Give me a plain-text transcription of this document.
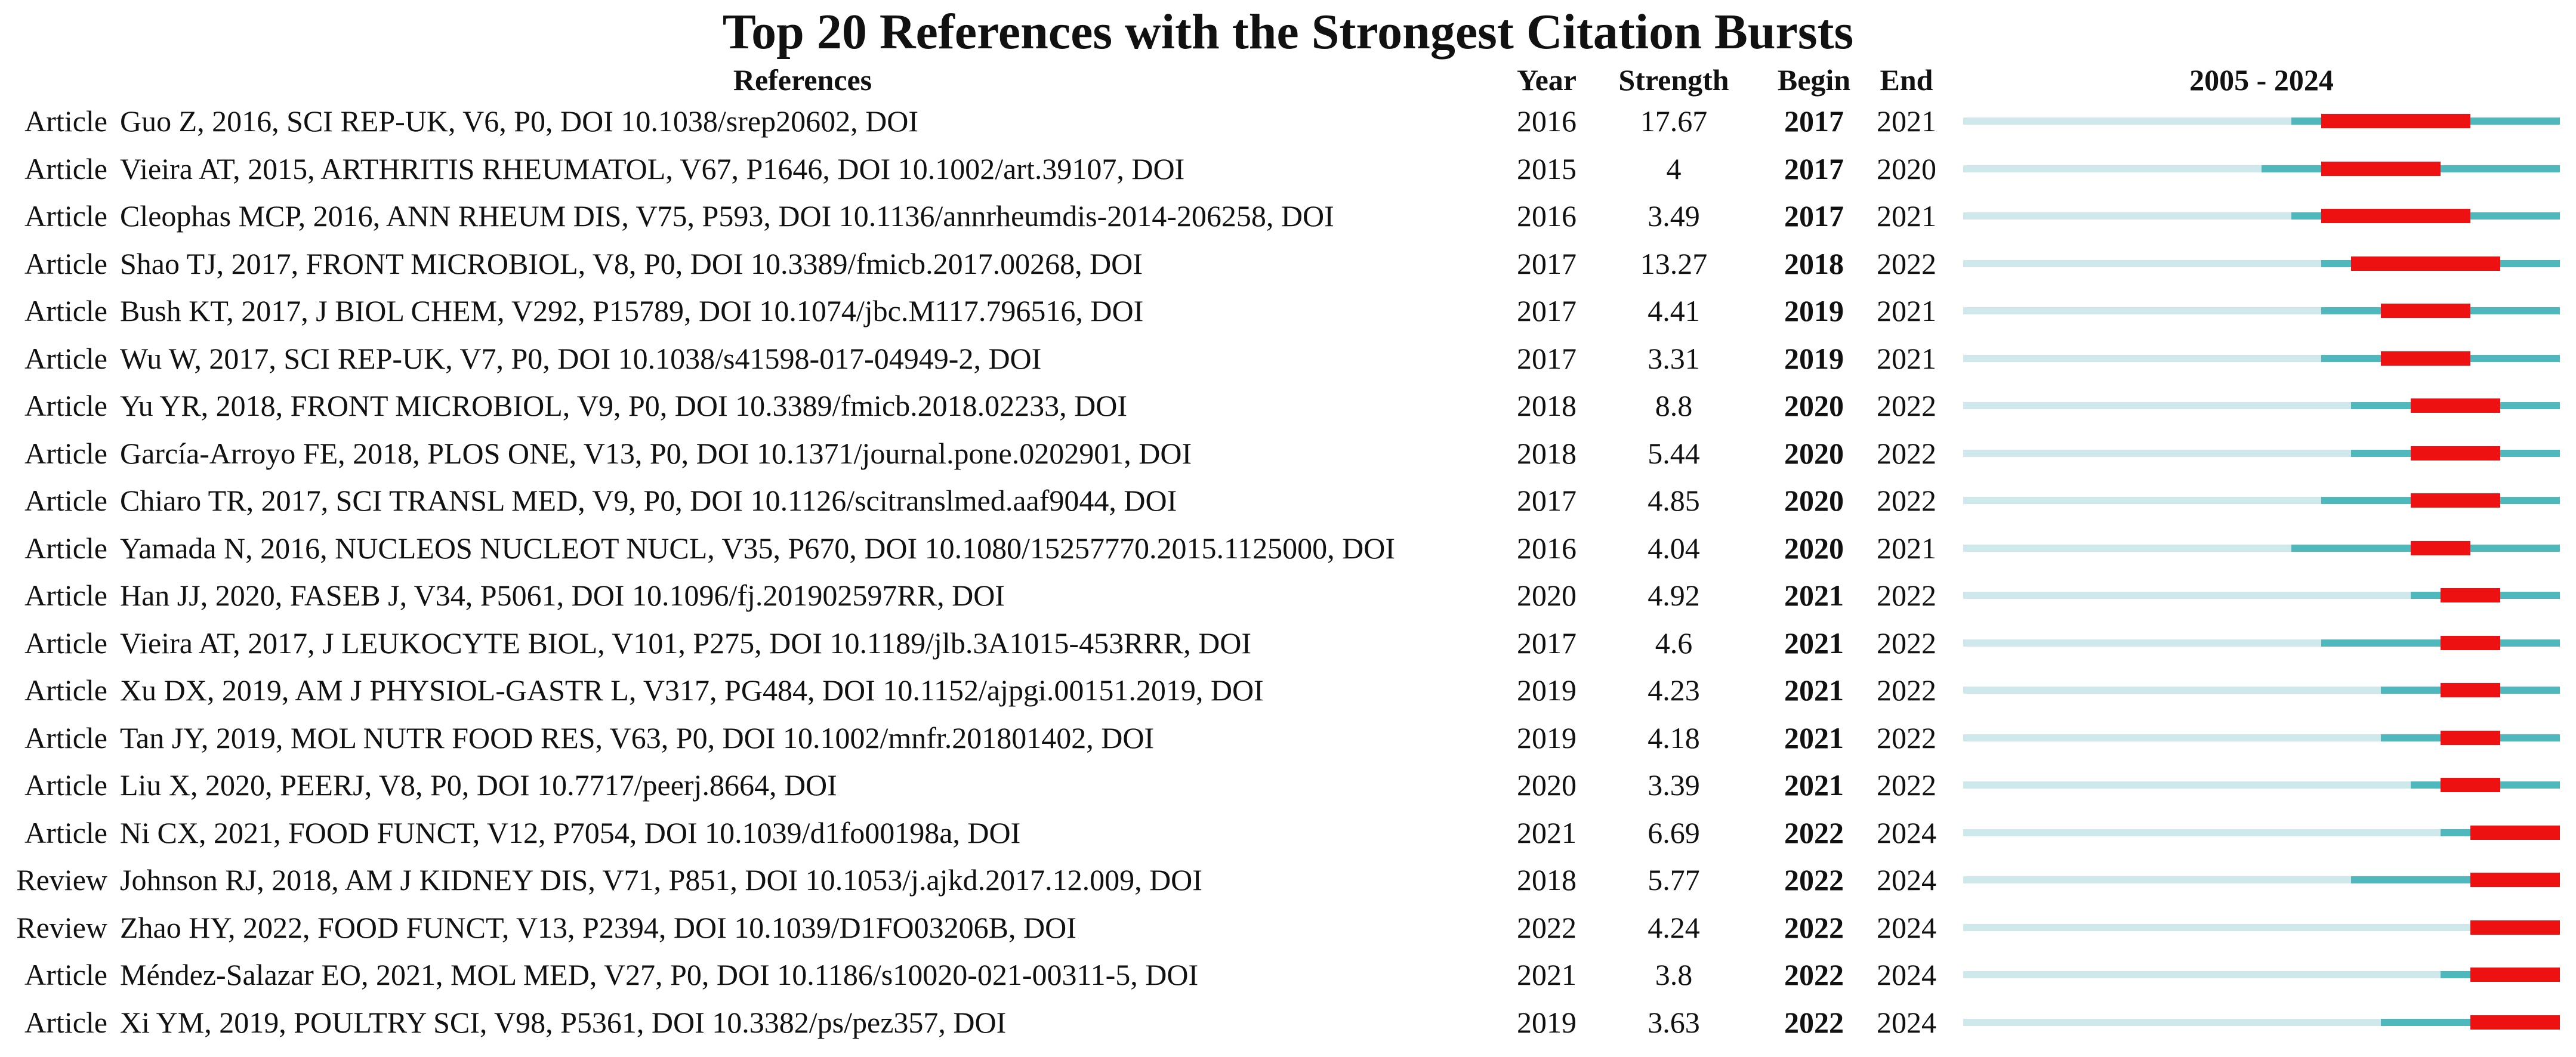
Top 20 References with the Strongest Citation Bursts
References	Year Strength Begin End	2005 - 2024
Article Guo Z, 2016, SCI REP-UK, V6, P0, DOI 10.1038/srep20602, DOI	2016 17.67	2017 2021
Article Vieira AT, 2015, ARTHRITIS RHEUMATOL, V67, P1646, DOI 10.1002/art.39107, DOI	2015	4	2017 2020
Article Cleophas MCP, 2016, ANN RHEUM DIS, V75, P593, DOI 10.1136/annrheumdis-2014-206258, DOI	2016 3.49	2017 2021
Article Shao TJ, 2017, FRONT MICROBIOL, V8, P0, DOI 10.3389/fmicb.2017.00268, DOI	2017 13.27	2018 2022
Article Bush KT, 2017, J BIOL CHEM, V292, P15789, DOI 10.1074/jbc.M117.796516, DOI	2017 4.41	2019 2021
Article Wu W, 2017, SCI REP-UK, V7, P0, DOI 10.1038/s41598-017-04949-2, DOI	2017 3.31	2019 2021
Article Yu YR, 2018, FRONT MICROBIOL, V9, P0, DOI 10.3389/fmicb.2018.02233, DOI	2018	8.8	2020 2022
Article García-Arroyo FE, 2018, PLOS ONE, V13, P0, DOI 10.1371/journal.pone.0202901, DOI	2018 5.44	2020 2022
Article Chiaro TR, 2017, SCI TRANSL MED, V9, P0, DOI 10.1126/scitranslmed.aaf9044, DOI	2017 4.85	2020 2022
Article Yamada N, 2016, NUCLEOS NUCLEOT NUCL, V35, P670, DOI 10.1080/15257770.2015.1125000, DOI	2016 4.04	2020 2021
Article Han JJ, 2020, FASEB J, V34, P5061, DOI 10.1096/fj.201902597RR, DOI	2020 4.92	2021 2022
Article Vieira AT, 2017, J LEUKOCYTE BIOL, V101, P275, DOI 10.1189/jlb.3A1015-453RRR, DOI	2017	4.6	2021 2022
Article Xu DX, 2019, AM J PHYSIOL-GASTR L, V317, PG484, DOI 10.1152/ajpgi.00151.2019, DOI	2019 4.23	2021 2022
Article Tan JY, 2019, MOL NUTR FOOD RES, V63, P0, DOI 10.1002/mnfr.201801402, DOI	2019 4.18	2021 2022
Article Liu X, 2020, PEERJ, V8, P0, DOI 10.7717/peerj.8664, DOI	2020 3.39	2021 2022
Article Ni CX, 2021, FOOD FUNCT, V12, P7054, DOI 10.1039/d1fo00198a, DOI	2021 6.69	2022 2024
Review Johnson RJ, 2018, AM J KIDNEY DIS, V71, P851, DOI 10.1053/j.ajkd.2017.12.009, DOI	2018 5.77	2022 2024
Review Zhao HY, 2022, FOOD FUNCT, V13, P2394, DOI 10.1039/D1FO03206B, DOI	2022 4.24	2022 2024
Article Méndez-Salazar EO, 2021, MOL MED, V27, P0, DOI 10.1186/s10020-021-00311-5, DOI	2021	3.8	2022 2024
Article Xi YM, 2019, POULTRY SCI, V98, P5361, DOI 10.3382/ps/pez357, DOI	2019 3.63	2022 2024
